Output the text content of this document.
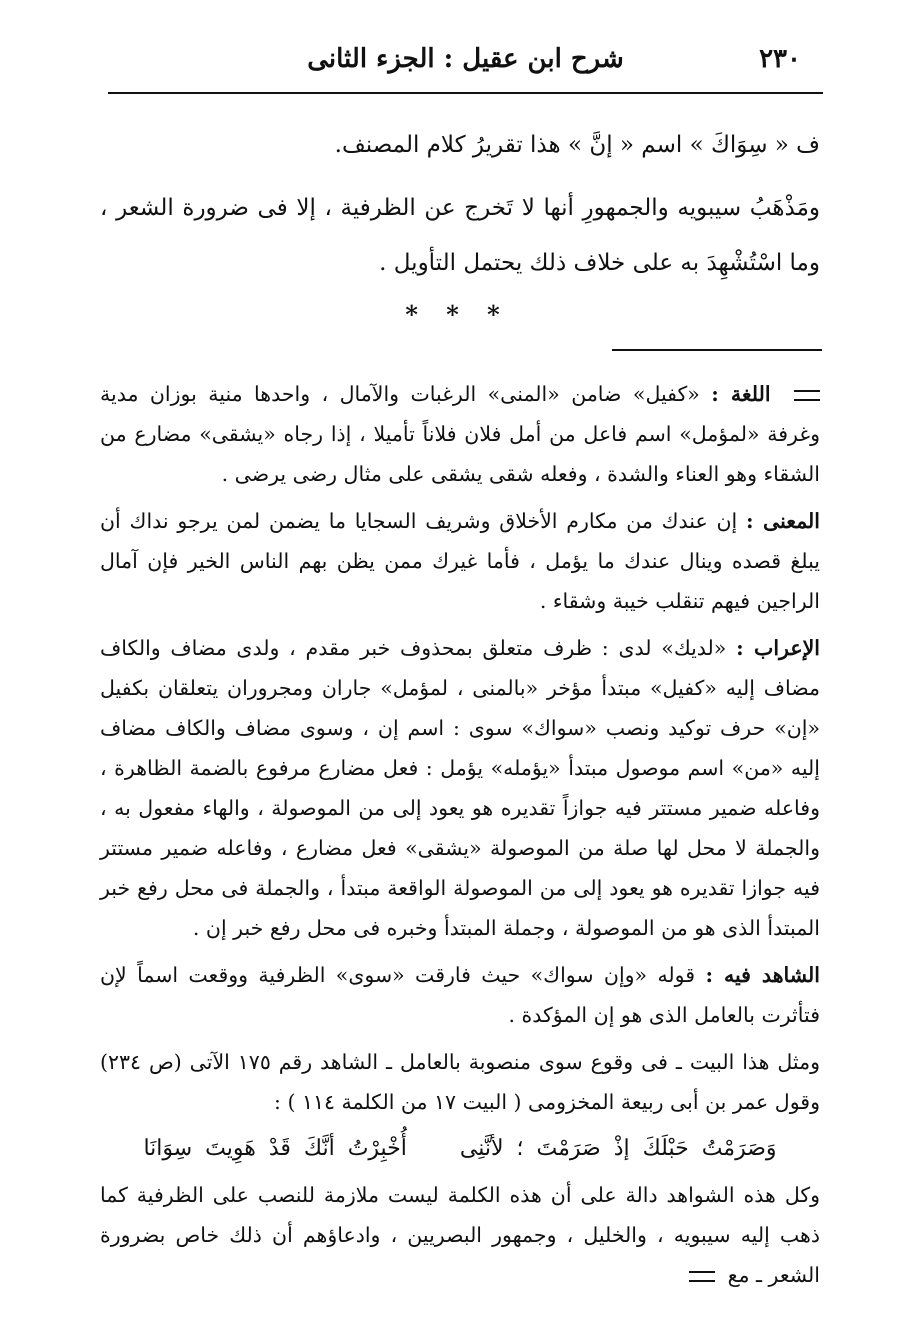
٢٣٠
شرح ابن عقيل : الجزء الثانى

ف « سِوَاكَ » اسم « إنَّ » هذا تقريرُ كلام المصنف.

ومَذْهَبُ سيبويه والجمهورِ أنها لا تَخرج عن الظرفية ، إلا فى ضرورة الشعر ، وما اسْتُشْهِدَ به على خلاف ذلك يحتمل التأويل .

* * *

اللغة : «كفيل» ضامن «المنى» الرغبات والآمال ، واحدها منية بوزان مدية وغرفة «لمؤمل» اسم فاعل من أمل فلان فلاناً تأميلا ، إذا رجاه «يشقى» مضارع من الشقاء وهو العناء والشدة ، وفعله شقى يشقى على مثال رضى يرضى .

المعنى : إن عندك من مكارم الأخلاق وشريف السجايا ما يضمن لمن يرجو نداك أن يبلغ قصده وينال عندك ما يؤمل ، فأما غيرك ممن يظن بهم الناس الخير فإن آمال الراجين فيهم تنقلب خيبة وشقاء .

الإعراب : «لديك» لدى : ظرف متعلق بمحذوف خبر مقدم ، ولدى مضاف والكاف مضاف إليه «كفيل» مبتدأ مؤخر «بالمنى ، لمؤمل» جاران ومجروران يتعلقان بكفيل «إن» حرف توكيد ونصب «سواك» سوى : اسم إن ، وسوى مضاف والكاف مضاف إليه «من» اسم موصول مبتدأ «يؤمله» يؤمل : فعل مضارع مرفوع بالضمة الظاهرة ، وفاعله ضمير مستتر فيه جوازاً تقديره هو يعود إلى من الموصولة ، والهاء مفعول به ، والجملة لا محل لها صلة من الموصولة «يشقى» فعل مضارع ، وفاعله ضمير مستتر فيه جوازا تقديره هو يعود إلى من الموصولة الواقعة مبتدأ ، والجملة فى محل رفع خبر المبتدأ الذى هو من الموصولة ، وجملة المبتدأ وخبره فى محل رفع خبر إن .

الشاهد فيه : قوله «وإن سواك» حيث فارقت «سوى» الظرفية ووقعت اسماً لإن فتأثرت بالعامل الذى هو إن المؤكدة .

ومثل هذا البيت ـ فى وقوع سوى منصوبة بالعامل ـ الشاهد رقم ١٧٥ الآتى (ص ٢٣٤) وقول عمر بن أبى ربيعة المخزومى ( البيت ١٧ من الكلمة ١١٤ ) :

وَصَرَمْتُ حَبْلَكَ إذْ صَرَمْتَ ؛ لأنَّنِى أُخْبِرْتُ أنَّكَ قَدْ هَوِيتَ سِوَانَا

وكل هذه الشواهد دالة على أن هذه الكلمة ليست ملازمة للنصب على الظرفية كما ذهب إليه سيبويه ، والخليل ، وجمهور البصريين ، وادعاؤهم أن ذلك خاص بضرورة الشعر ـ مع
